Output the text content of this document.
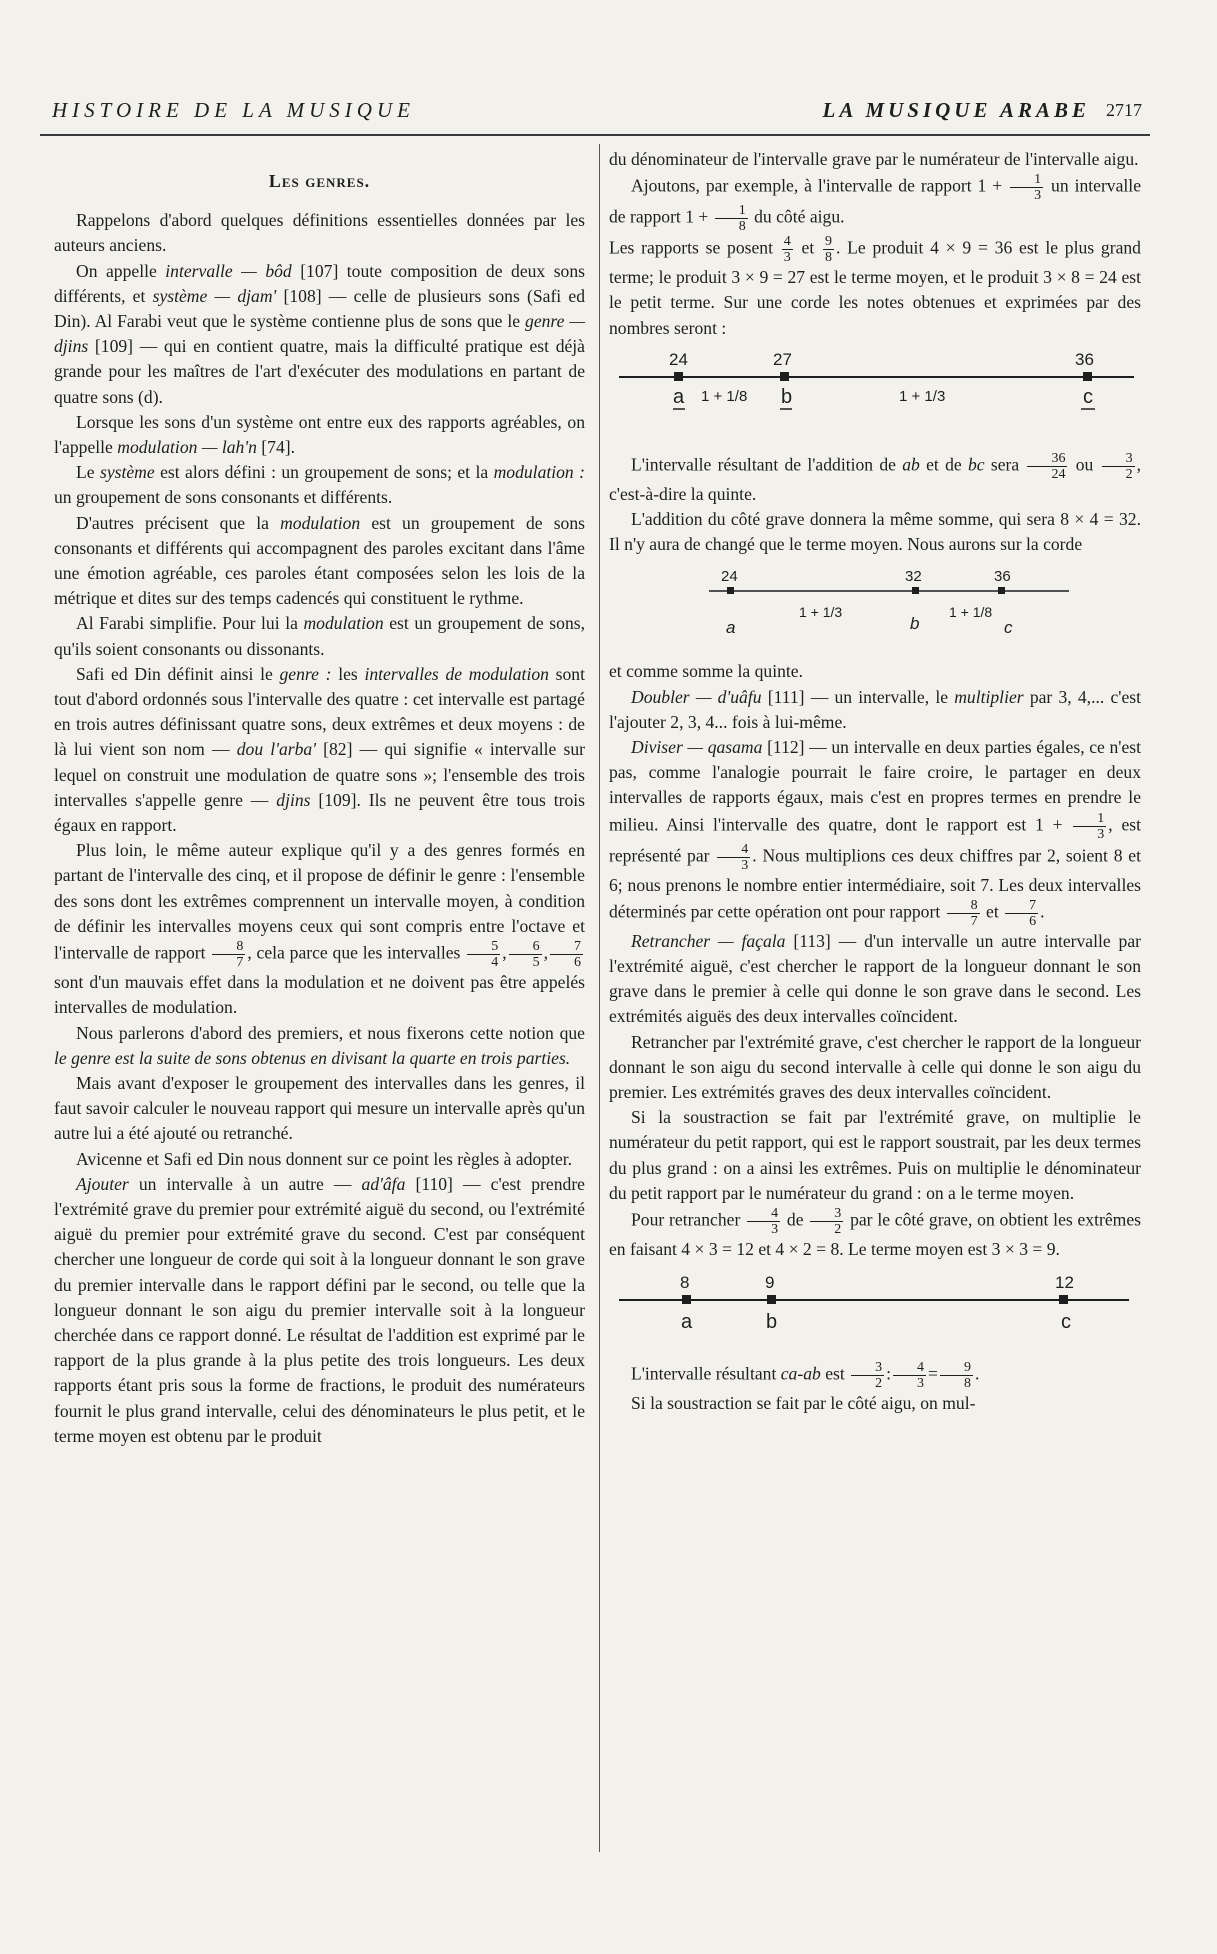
HISTOIRE DE LA MUSIQUE	LA MUSIQUE ARABE 2717
Les genres.

Rappelons d'abord quelques définitions essentielles données par les auteurs anciens.

On appelle intervalle — bôd [107] toute composition de deux sons différents, et système — djam' [108] — celle de plusieurs sons (Safi ed Din). Al Farabi veut que le système contienne plus de sons que le genre — djins [109] — qui en contient quatre, mais la difficulté pratique est déjà grande pour les maîtres de l'art d'exécuter des modulations en partant de quatre sons (d).

Lorsque les sons d'un système ont entre eux des rapports agréables, on l'appelle modulation — lah'n [74].

Le système est alors défini : un groupement de sons; et la modulation : un groupement de sons consonants et différents.

D'autres précisent que la modulation est un groupement de sons consonants et différents qui accompagnent des paroles excitant dans l'âme une émotion agréable, ces paroles étant composées selon les lois de la métrique et dites sur des temps cadencés qui constituent le rythme.

Al Farabi simplifie. Pour lui la modulation est un groupement de sons, qu'ils soient consonants ou dissonants.

Safi ed Din définit ainsi le genre : les intervalles de modulation sont tout d'abord ordonnés sous l'intervalle des quatre : cet intervalle est partagé en trois autres définissant quatre sons, deux extrêmes et deux moyens : de là lui vient son nom — dou l'arba' [82] — qui signifie « intervalle sur lequel on construit une modulation de quatre sons »; l'ensemble des trois intervalles s'appelle genre — djins [109]. Ils ne peuvent être tous trois égaux en rapport.

Plus loin, le même auteur explique qu'il y a des genres formés en partant de l'intervalle des cinq, et il propose de définir le genre : l'ensemble des sons dont les extrêmes comprennent un intervalle moyen, à condition de définir les intervalles moyens ceux qui sont compris entre l'octave et l'intervalle de rapport $\frac{8}{7}$ , cela parce que les intervalles $\frac{5}{4}$ , $\frac{6}{5}$ , $\frac{7}{6}$
sont d'un mauvais effet dans la modulation et ne doivent pas être appelés intervalles de modulation.

Nous parlerons d'abord des premiers, et nous fixerons cette notion que le genre est la suite de sons obtenus en divisant la quarte en trois parties.

Mais avant d'exposer le groupement des intervalles dans les genres, il faut savoir calculer le nouveau rapport qui mesure un intervalle après qu'un autre lui a été ajouté ou retranché.

Avicenne et Safi ed Din nous donnent sur ce point les règles à adopter.

Ajouter un intervalle à un autre — ad'âfa [110] — c'est prendre l'extrémité grave du premier pour extrémité aiguë du second, ou l'extrémité aiguë du premier pour extrémité grave du second. C'est par conséquent chercher une longueur de corde qui soit à la longueur donnant le son grave du premier intervalle dans le rapport défini par le second, ou telle que la longueur donnant le son aigu du premier intervalle soit à la longueur cherchée dans ce rapport donné. Le résultat de l'addition est exprimé par le rapport de la plus grande à la plus petite des trois longueurs. Les deux rapports étant pris sous la forme de fractions, le produit des numérateurs fournit le plus grand intervalle, celui des dénominateurs le plus petit, et le terme moyen est obtenu par le produit

du dénominateur de l'intervalle grave par le numérateur de l'intervalle aigu.

Ajoutons, par exemple, à l'intervalle de rapport $1 + \frac{1}{3}$ un intervalle de rapport $1 + \frac{1}{8}$ du côté aigu.

Les rapports se posent $\frac{4}{3}$ et $\frac{9}{8}$ . Le produit 4 × 9 = 36 est le plus grand terme; le produit 3 × 9 = 27 est le terme moyen, et le produit 3 × 8 = 24 est le petit terme. Sur une corde les notes obtenues et exprimées par des nombres seront :

24	27	36
a	b	c
1 + 1/8	1 + 1/3

L'intervalle résultant de l'addition de ab et de bc sera $\frac{36}{24}$ ou $\frac{3}{2}$ , c'est-à-dire la quinte.

L'addition du côté grave donnera la même somme, qui sera 8 × 4 = 32. Il n'y aura de changé que le terme moyen. Nous aurons sur la corde

24	32	36
a	b	c
1 + 1/3	1 + 1/8

et comme somme la quinte.

Doubler — d'uâfu [111] — un intervalle, le multiplier par 3, 4,... c'est l'ajouter 2, 3, 4... fois à lui-même.

Diviser — qasama [112] — un intervalle en deux parties égales, ce n'est pas, comme l'analogie pourrait le faire croire, le partager en deux intervalles de rapports égaux, mais c'est en propres termes en prendre le milieu. Ainsi l'intervalle des quatre, dont le rapport est $1 + \frac{1}{3}$ , est représenté par $\frac{4}{3}$ . Nous multiplions ces deux chiffres par 2, soient 8 et 6; nous prenons le nombre entier intermédiaire, soit 7. Les deux intervalles déterminés par cette opération ont pour rapport $\frac{8}{7}$ et $\frac{7}{6}$ .

Retrancher — façala [113] — d'un intervalle un autre intervalle par l'extrémité aiguë, c'est chercher le rapport de la longueur donnant le son grave dans le premier à celle qui donne le son grave dans le second. Les extrémités aiguës des deux intervalles coïncident.

Retrancher par l'extrémité grave, c'est chercher le rapport de la longueur donnant le son aigu du second intervalle à celle qui donne le son aigu du premier. Les extrémités graves des deux intervalles coïncident.

Si la soustraction se fait par l'extrémité grave, on multiplie le numérateur du petit rapport, qui est le rapport soustrait, par les deux termes du plus grand : on a ainsi les extrêmes. Puis on multiplie le dénominateur du petit rapport par le numérateur du grand : on a le terme moyen.

Pour retrancher $\frac{4}{3}$ de $\frac{3}{2}$ par le côté grave, on obtient les extrêmes en faisant 4 × 3 = 12 et 4 × 2 = 8. Le terme moyen est 3 × 3 = 9.

8	9	12
a	b	c

L'intervalle résultant ca-ab est $\frac{3}{2}$ : $\frac{4}{3} = \frac{9}{8}$ .

Si la soustraction se fait par le côté aigu, on mul-
